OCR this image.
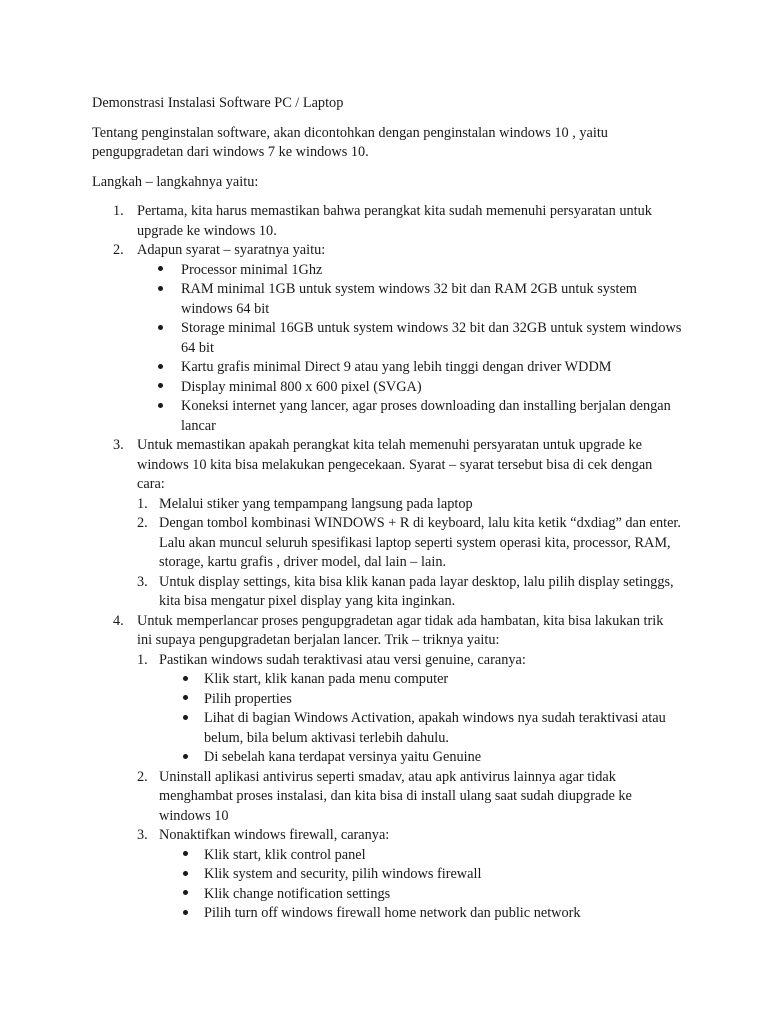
Demonstrasi Instalasi Software PC / Laptop

Tentang penginstalan software, akan dicontohkan dengan penginstalan windows 10 , yaitu pengupgradetan dari windows 7 ke windows 10.

Langkah – langkahnya yaitu:

1. Pertama, kita harus memastikan bahwa perangkat kita sudah memenuhi persyaratan untuk upgrade ke windows 10.
2. Adapun syarat – syaratnya yaitu:
Processor minimal 1Ghz
RAM minimal 1GB untuk system windows 32 bit dan RAM 2GB untuk system windows 64 bit
Storage minimal 16GB untuk system windows 32 bit dan 32GB untuk system windows 64 bit
Kartu grafis minimal Direct 9 atau yang lebih tinggi dengan driver WDDM
Display minimal 800 x 600 pixel (SVGA)
Koneksi internet yang lancer, agar proses downloading dan installing berjalan dengan lancar
3. Untuk memastikan apakah perangkat kita telah memenuhi persyaratan untuk upgrade ke windows 10 kita bisa melakukan pengecekaan. Syarat – syarat tersebut bisa di cek dengan cara:
1. Melalui stiker yang tempampang langsung pada laptop
2. Dengan tombol kombinasi WINDOWS + R di keyboard, lalu kita ketik “dxdiag” dan enter. Lalu akan muncul seluruh spesifikasi laptop seperti system operasi kita, processor, RAM, storage, kartu grafis , driver model, dal lain – lain.
3. Untuk display settings, kita bisa klik kanan pada layar desktop, lalu pilih display setinggs, kita bisa mengatur pixel display yang kita inginkan.
4. Untuk memperlancar proses pengupgradetan agar tidak ada hambatan, kita bisa lakukan trik ini supaya pengupgradetan berjalan lancer. Trik – triknya yaitu:
1. Pastikan windows sudah teraktivasi atau versi genuine, caranya:
Klik start, klik kanan pada menu computer
Pilih properties
Lihat di bagian Windows Activation, apakah windows nya sudah teraktivasi atau belum, bila belum aktivasi terlebih dahulu.
Di sebelah kana terdapat versinya yaitu Genuine
2. Uninstall aplikasi antivirus seperti smadav, atau apk antivirus lainnya agar tidak menghambat proses instalasi, dan kita bisa di install ulang saat sudah diupgrade ke windows 10
3. Nonaktifkan windows firewall, caranya:
Klik start, klik control panel
Klik system and security, pilih windows firewall
Klik change notification settings
Pilih turn off windows firewall home network dan public network
